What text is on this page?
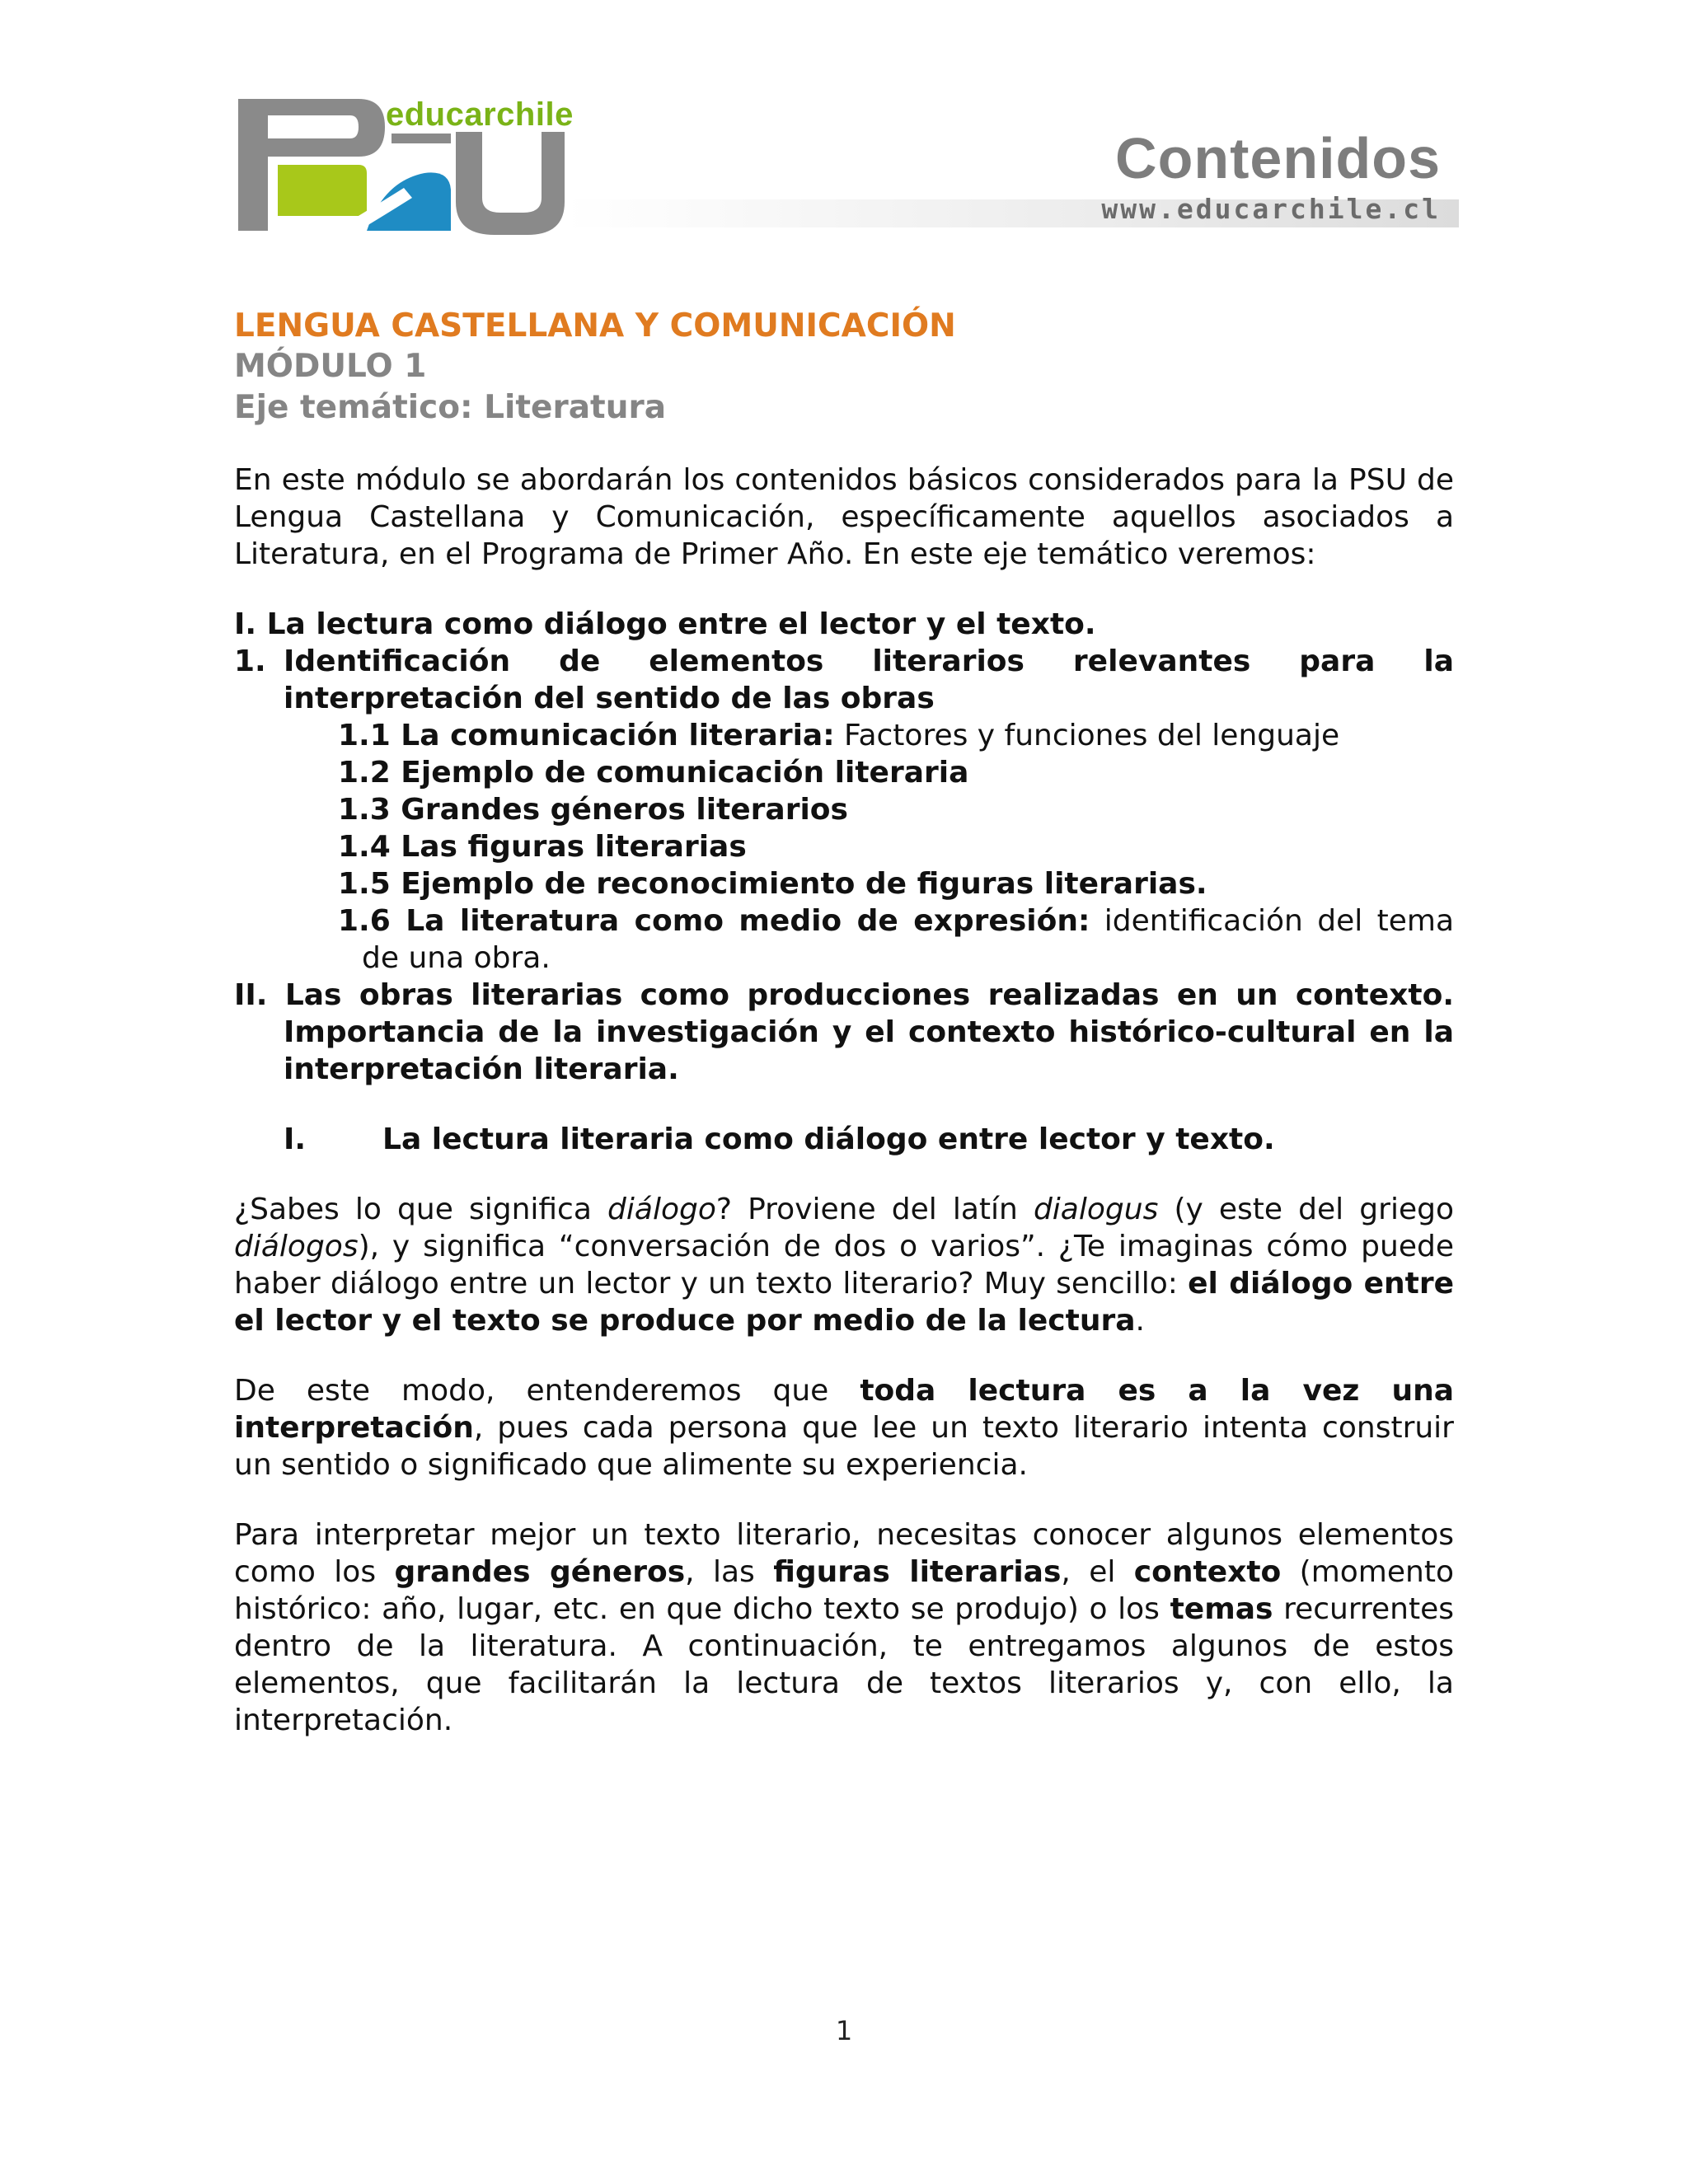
educarchile
Contenidos
www.educarchile.cl
LENGUA CASTELLANA Y COMUNICACIÓN
MÓDULO 1
Eje temático: Literatura

En este módulo se abordarán los contenidos básicos considerados para la PSU de Lengua Castellana y Comunicación, específicamente aquellos asociados a Literatura, en el Programa de Primer Año. En este eje temático veremos:

I. La lectura como diálogo entre el lector y el texto.
1. Identificación de elementos literarios relevantes para la
interpretación del sentido de las obras
1.1 La comunicación literaria: Factores y funciones del lenguaje
1.2 Ejemplo de comunicación literaria
1.3 Grandes géneros literarios
1.4 Las figuras literarias
1.5 Ejemplo de reconocimiento de figuras literarias.
1.6 La literatura como medio de expresión: identificación del tema
de una obra.
II. Las obras literarias como producciones realizadas en un contexto.
Importancia de la investigación y el contexto histórico-cultural en la
interpretación literaria.
I.	La lectura literaria como diálogo entre lector y texto.

¿Sabes lo que significa diálogo? Proviene del latín dialogus (y este del griego diálogos), y significa “conversación de dos o varios”. ¿Te imaginas cómo puede haber diálogo entre un lector y un texto literario? Muy sencillo: el diálogo entre el lector y el texto se produce por medio de la lectura.

De este modo, entenderemos que toda lectura es a la vez una interpretación, pues cada persona que lee un texto literario intenta construir un sentido o significado que alimente su experiencia.

Para interpretar mejor un texto literario, necesitas conocer algunos elementos como los grandes géneros, las figuras literarias, el contexto (momento histórico: año, lugar, etc. en que dicho texto se produjo) o los temas recurrentes dentro de la literatura. A continuación, te entregamos algunos de estos elementos, que facilitarán la lectura de textos literarios y, con ello, la interpretación.

1
